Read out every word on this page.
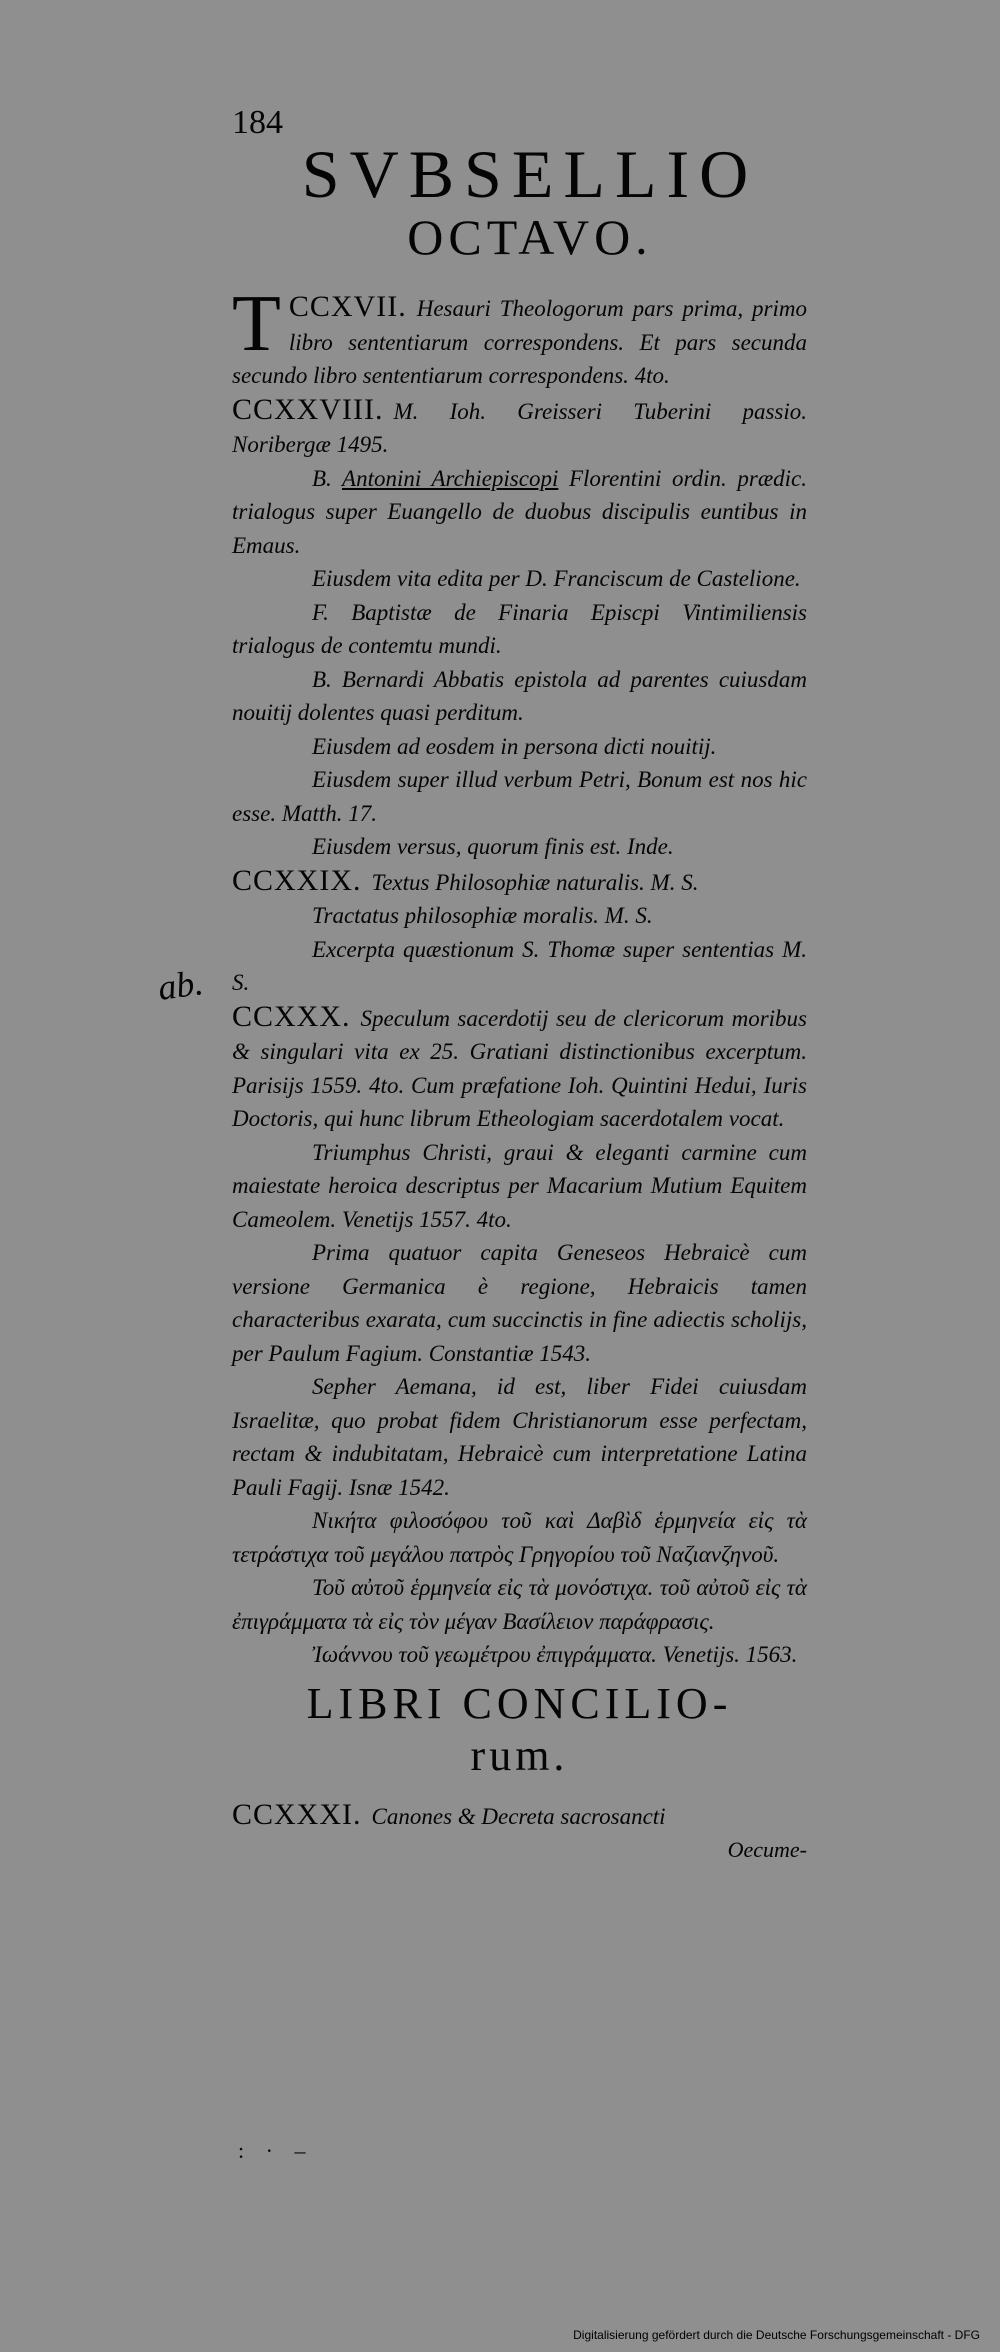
184
SVBSELLIO
OCTAVO.
ab.

CCXVII.
T	Hesauri Theologorum pars prima, primo libro sententiarum correspondens. Et pars secunda secundo libro sententiarum correspondens. 4to.

CCXXVIII. M. Ioh. Greisseri Tuberini passio. Noribergæ 1495.

B. Antonini Archiepiscopi Florentini ordin. prædic. trialogus super Euangello de duobus discipulis euntibus in Emaus.

Eiusdem vita edita per D. Franciscum de Castelione.

F. Baptistæ de Finaria Episcpi Vintimiliensis trialogus de contemtu mundi.

B. Bernardi Abbatis epistola ad parentes cuiusdam nouitij dolentes quasi perditum.

Eiusdem ad eosdem in persona dicti nouitij.

Eiusdem super illud verbum Petri, Bonum est nos hic esse. Matth. 17.

Eiusdem versus, quorum finis est. Inde.

CCXXIX. Textus Philosophiæ naturalis. M. S.

Tractatus philosophiæ moralis. M. S.

Excerpta quæstionum S. Thomæ super sententias M. S.

CCXXX. Speculum sacerdotij seu de clericorum moribus & singulari vita ex 25. Gratiani distinctionibus excerptum. Parisijs 1559. 4to. Cum præfatione Ioh. Quintini Hedui, Iuris Doctoris, qui hunc librum Etheologiam sacerdotalem vocat.

Triumphus Christi, graui & eleganti carmine cum maiestate heroica descriptus per Macarium Mutium Equitem Cameolem. Venetijs 1557. 4to.

Prima quatuor capita Geneseos Hebraicè cum versione Germanica è regione, Hebraicis tamen characteribus exarata, cum succinctis in fine adiectis scholijs, per Paulum Fagium. Constantiæ 1543.

Sepher Aemana, id est, liber Fidei cuiusdam Israelitæ, quo probat fidem Christianorum esse perfectam, rectam & indubitatam, Hebraicè cum interpretatione Latina Pauli Fagij. Isnæ 1542.

Νικήτα φιλοσόφου τοῦ καὶ Δαβὶδ ἑρμηνεία εἰς τὰ τετράστιχα τοῦ μεγάλου πατρὸς Γρηγορίου τοῦ Ναζιανζηνοῦ.

Τοῦ αὐτοῦ ἑρμηνεία εἰς τὰ μονόστιχα. τοῦ αὐτοῦ εἰς τὰ ἐπιγράμματα τὰ εἰς τὸν μέγαν Βασίλειον παράφρασις.

Ἰωάννου τοῦ γεωμέτρου ἐπιγράμματα. Venetijs. 1563.

LIBRI CONCILIO-
rum.

CCXXXI. Canones & Decreta sacrosancti

Oecume-
: · –
Digitalisierung gefördert durch die Deutsche Forschungsgemeinschaft - DFG
